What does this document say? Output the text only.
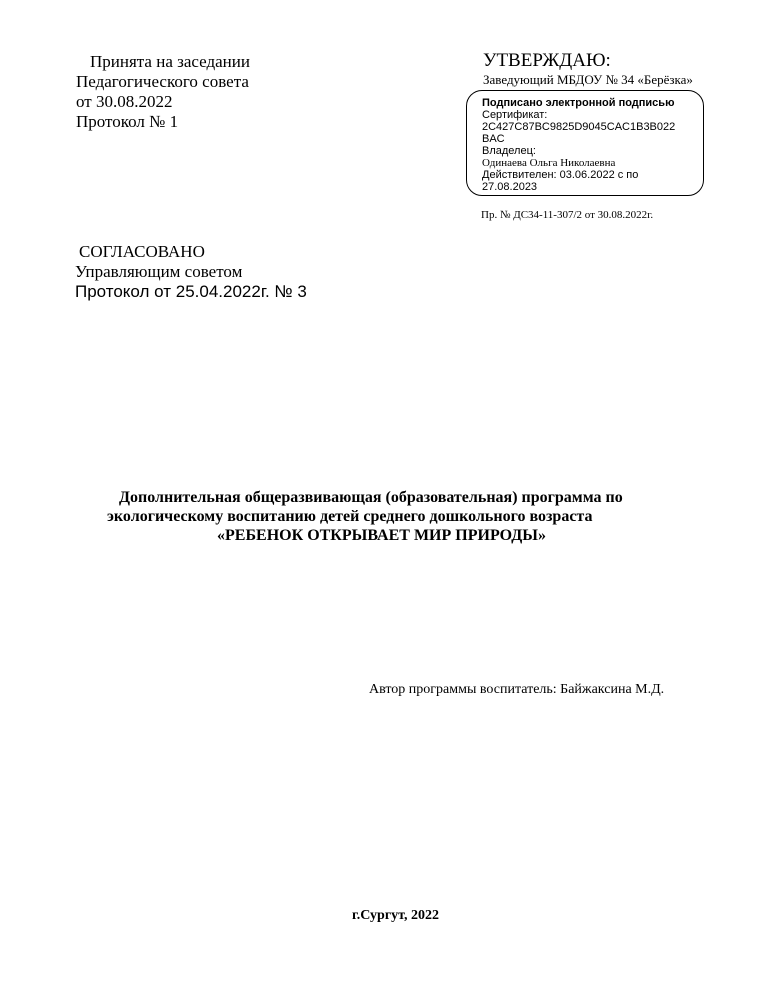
Принята на заседании
Педагогического совета
от 30.08.2022
Протокол № 1
УТВЕРЖДАЮ:
Заведующий МБДОУ № 34 «Берёзка»
Подписано электронной подписью
Сертификат:
2C427C87BC9825D9045CAC1B3B022
BAC
Владелец:
Одинаева Ольга Николаевна
Действителен: 03.06.2022 с по
27.08.2023
Пр. № ДС34-11-307/2 от 30.08.2022г.
СОГЛАСОВАНО
Управляющим советом
Протокол от 25.04.2022г. № 3
Дополнительная общеразвивающая (образовательная) программа по
экологическому воспитанию детей среднего дошкольного возраста
«РЕБЕНОК ОТКРЫВАЕТ МИР ПРИРОДЫ»
Автор программы воспитатель: Байжаксина М.Д.
г.Сургут, 2022
